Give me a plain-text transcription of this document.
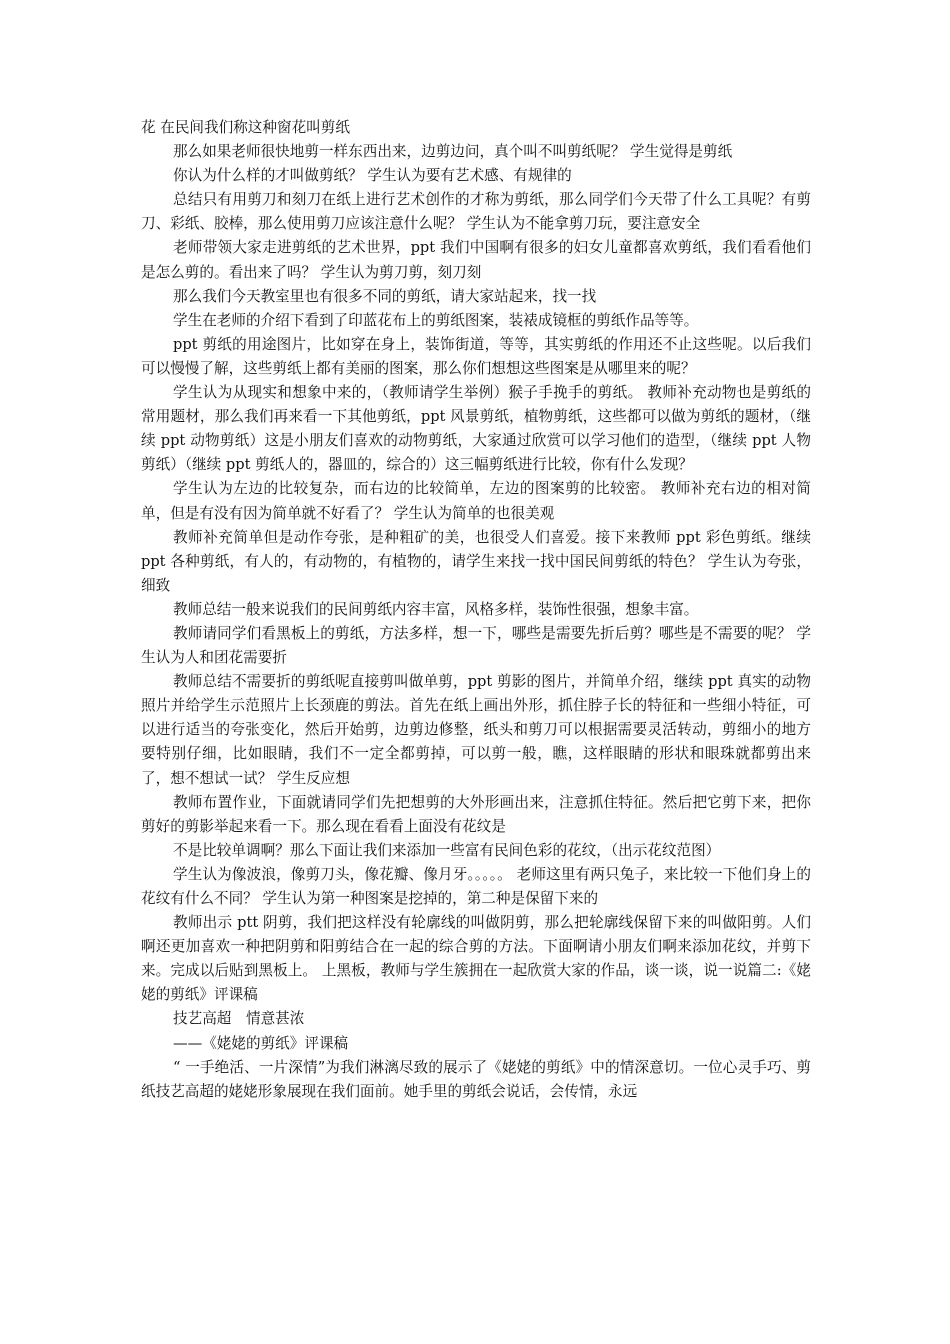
花 在民间我们称这种窗花叫剪纸

那么如果老师很快地剪一样东西出来，边剪边问，真个叫不叫剪纸呢？ 学生觉得是剪纸

你认为什么样的才叫做剪纸？ 学生认为要有艺术感、有规律的

总结只有用剪刀和刻刀在纸上进行艺术创作的才称为剪纸，那么同学们今天带了什么工具呢？有剪刀、彩纸、胶棒，那么使用剪刀应该注意什么呢？ 学生认为不能拿剪刀玩，要注意安全

老师带领大家走进剪纸的艺术世界，ppt 我们中国啊有很多的妇女儿童都喜欢剪纸，我们看看他们是怎么剪的。看出来了吗？ 学生认为剪刀剪，刻刀刻

那么我们今天教室里也有很多不同的剪纸，请大家站起来，找一找

学生在老师的介绍下看到了印蓝花布上的剪纸图案，装裱成镜框的剪纸作品等等。

ppt 剪纸的用途图片，比如穿在身上，装饰街道，等等，其实剪纸的作用还不止这些呢。以后我们可以慢慢了解，这些剪纸上都有美丽的图案，那么你们想想这些图案是从哪里来的呢？

学生认为从现实和想象中来的，（教师请学生举例）猴子手挽手的剪纸。 教师补充动物也是剪纸的常用题材，那么我们再来看一下其他剪纸，ppt 风景剪纸，植物剪纸，这些都可以做为剪纸的题材，（继续 ppt 动物剪纸）这是小朋友们喜欢的动物剪纸，大家通过欣赏可以学习他们的造型，（继续 ppt 人物剪纸）（继续 ppt 剪纸人的，器皿的，综合的）这三幅剪纸进行比较，你有什么发现？

学生认为左边的比较复杂，而右边的比较简单，左边的图案剪的比较密。 教师补充右边的相对简单，但是有没有因为简单就不好看了？ 学生认为简单的也很美观

教师补充简单但是动作夸张，是种粗矿的美，也很受人们喜爱。接下来教师 ppt 彩色剪纸。继续 ppt 各种剪纸，有人的，有动物的，有植物的，请学生来找一找中国民间剪纸的特色？ 学生认为夸张，细致

教师总结一般来说我们的民间剪纸内容丰富，风格多样，装饰性很强，想象丰富。

教师请同学们看黑板上的剪纸，方法多样，想一下，哪些是需要先折后剪？哪些是不需要的呢？ 学生认为人和团花需要折

教师总结不需要折的剪纸呢直接剪叫做单剪，ppt 剪影的图片，并简单介绍，继续 ppt 真实的动物照片并给学生示范照片上长颈鹿的剪法。首先在纸上画出外形，抓住脖子长的特征和一些细小特征，可以进行适当的夸张变化，然后开始剪，边剪边修整，纸头和剪刀可以根据需要灵活转动，剪细小的地方要特别仔细，比如眼睛，我们不一定全都剪掉，可以剪一般，瞧，这样眼睛的形状和眼珠就都剪出来了，想不想试一试？ 学生反应想

教师布置作业，下面就请同学们先把想剪的大外形画出来，注意抓住特征。然后把它剪下来，把你剪好的剪影举起来看一下。那么现在看看上面没有花纹是

不是比较单调啊？那么下面让我们来添加一些富有民间色彩的花纹，（出示花纹范图）

学生认为像波浪，像剪刀头，像花瓣、像月牙。。。。。 老师这里有两只兔子，来比较一下他们身上的花纹有什么不同？ 学生认为第一种图案是挖掉的，第二种是保留下来的

教师出示 ptt 阴剪，我们把这样没有轮廓线的叫做阴剪，那么把轮廓线保留下来的叫做阳剪。人们啊还更加喜欢一种把阴剪和阳剪结合在一起的综合剪的方法。下面啊请小朋友们啊来添加花纹，并剪下来。完成以后贴到黑板上。 上黑板，教师与学生簇拥在一起欣赏大家的作品，谈一谈，说一说篇二:《姥姥的剪纸》评课稿

技艺高超　情意甚浓

——《姥姥的剪纸》评课稿

“ 一手绝活、一片深情”为我们淋漓尽致的展示了《姥姥的剪纸》中的情深意切。一位心灵手巧、剪纸技艺高超的姥姥形象展现在我们面前。她手里的剪纸会说话，会传情，永远
